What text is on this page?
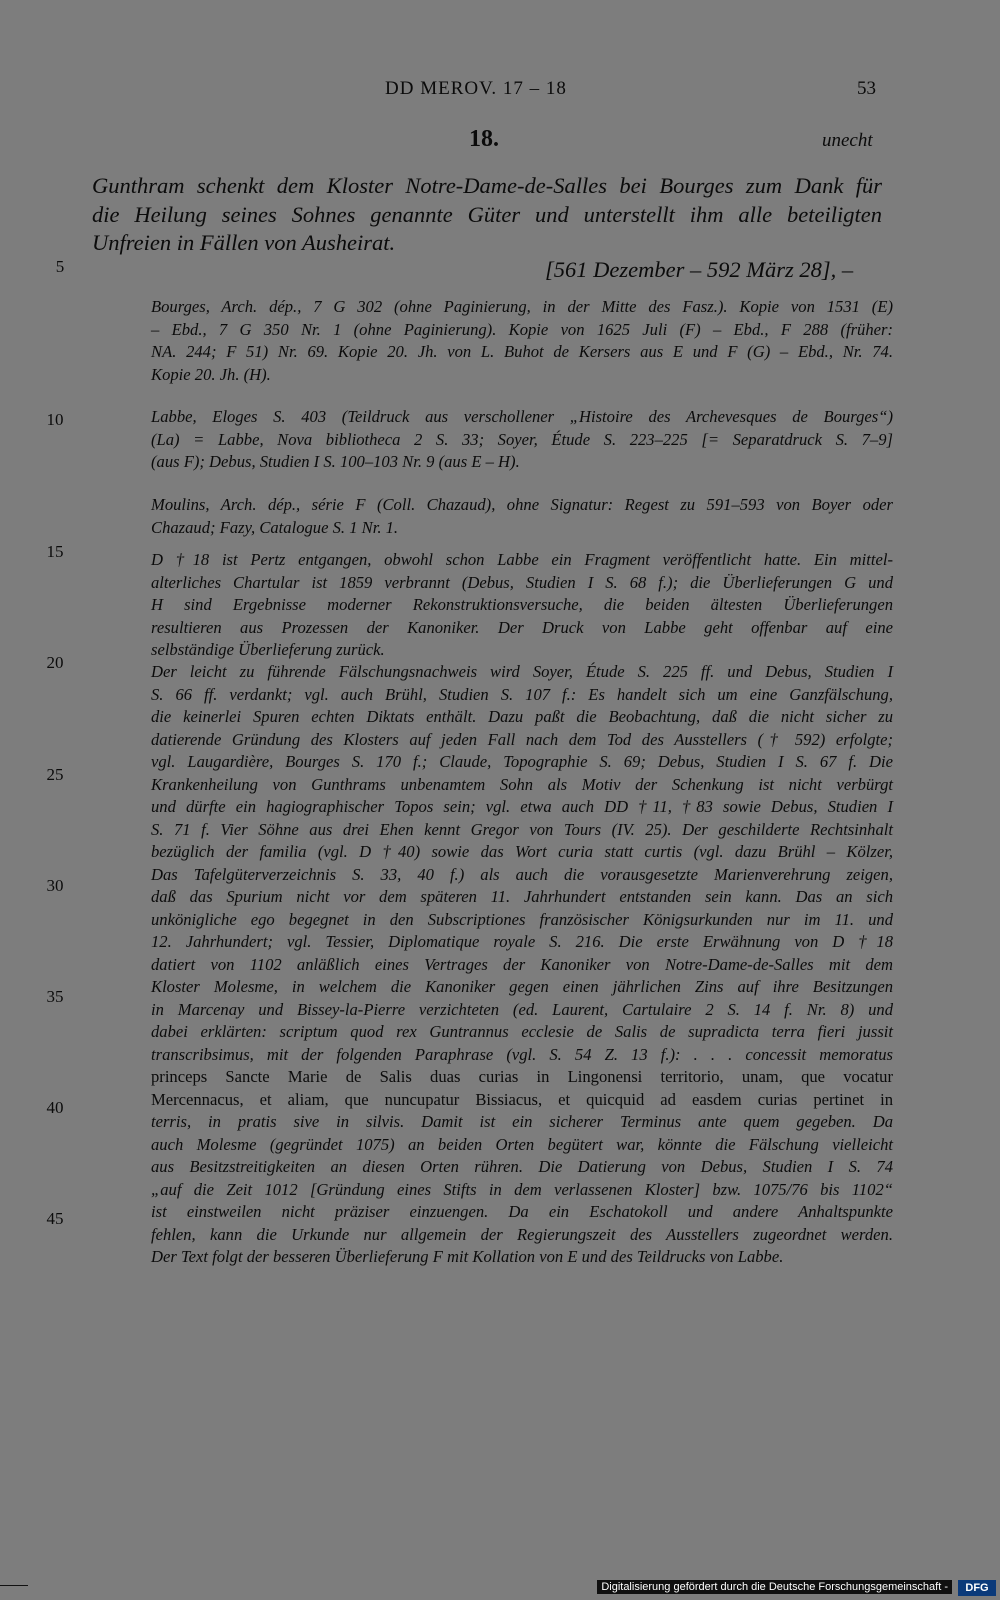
DD MEROV. 17 – 18	53
18.	unecht
Gunthram schenkt dem Kloster Notre-Dame-de-Salles bei Bourges zum Dank für
die Heilung seines Sohnes genannte Güter und unterstellt ihm alle beteiligten
Unfreien in Fällen von Ausheirat.
[561 Dezember – 592 März 28], –
5
10
15
20
25
30
35
40
45
Bourges, Arch. dép., 7 G 302 (ohne Paginierung, in der Mitte des Fasz.). Kopie von 1531 (E)
– Ebd., 7 G 350 Nr. 1 (ohne Paginierung). Kopie von 1625 Juli (F) – Ebd., F 288 (früher:
NA. 244; F 51) Nr. 69. Kopie 20. Jh. von L. Buhot de Kersers aus E und F (G) – Ebd., Nr. 74.
Kopie 20. Jh. (H).
Labbe, Eloges S. 403 (Teildruck aus verschollener „Histoire des Archevesques de Bourges“)
(La) = Labbe, Nova bibliotheca 2 S. 33; Soyer, Étude S. 223–225 [= Separatdruck S. 7–9]
(aus F); Debus, Studien I S. 100–103 Nr. 9 (aus E – H).
Moulins, Arch. dép., série F (Coll. Chazaud), ohne Signatur: Regest zu 591–593 von Boyer oder
Chazaud; Fazy, Catalogue S. 1 Nr. 1.
D †18 ist Pertz entgangen, obwohl schon Labbe ein Fragment veröffentlicht hatte. Ein mittel-
alterliches Chartular ist 1859 verbrannt (Debus, Studien I S. 68 f.); die Überlieferungen G und
H sind Ergebnisse moderner Rekonstruktionsversuche, die beiden ältesten Überlieferungen
resultieren aus Prozessen der Kanoniker. Der Druck von Labbe geht offenbar auf eine
selbständige Überlieferung zurück.
Der leicht zu führende Fälschungsnachweis wird Soyer, Étude S. 225 ff. und Debus, Studien I
S. 66 ff. verdankt; vgl. auch Brühl, Studien S. 107 f.: Es handelt sich um eine Ganzfälschung,
die keinerlei Spuren echten Diktats enthält. Dazu paßt die Beobachtung, daß die nicht sicher zu
datierende Gründung des Klosters auf jeden Fall nach dem Tod des Ausstellers († 592) erfolgte;
vgl. Laugardière, Bourges S. 170 f.; Claude, Topographie S. 69; Debus, Studien I S. 67 f. Die
Krankenheilung von Gunthrams unbenamtem Sohn als Motiv der Schenkung ist nicht verbürgt
und dürfte ein hagiographischer Topos sein; vgl. etwa auch DD †11, †83 sowie Debus, Studien I
S. 71 f. Vier Söhne aus drei Ehen kennt Gregor von Tours (IV. 25). Der geschilderte Rechtsinhalt
bezüglich der familia (vgl. D †40) sowie das Wort curia statt curtis (vgl. dazu Brühl – Kölzer,
Das Tafelgüterverzeichnis S. 33, 40 f.) als auch die vorausgesetzte Marienverehrung zeigen,
daß das Spurium nicht vor dem späteren 11. Jahrhundert entstanden sein kann. Das an sich
unkönigliche ego begegnet in den Subscriptiones französischer Königsurkunden nur im 11. und
12. Jahrhundert; vgl. Tessier, Diplomatique royale S. 216. Die erste Erwähnung von D †18
datiert von 1102 anläßlich eines Vertrages der Kanoniker von Notre-Dame-de-Salles mit dem
Kloster Molesme, in welchem die Kanoniker gegen einen jährlichen Zins auf ihre Besitzungen
in Marcenay und Bissey-la-Pierre verzichteten (ed. Laurent, Cartulaire 2 S. 14 f. Nr. 8) und
dabei erklärten: scriptum quod rex Guntrannus ecclesie de Salis de supradicta terra fieri jussit
transcribsimus, mit der folgenden Paraphrase (vgl. S. 54 Z. 13 f.): . . . concessit memoratus
princeps Sancte Marie de Salis duas curias in Lingonensi territorio, unam, que vocatur
Mercennacus, et aliam, que nuncupatur Bissiacus, et quicquid ad easdem curias pertinet in
terris, in pratis sive in silvis. Damit ist ein sicherer Terminus ante quem gegeben. Da
auch Molesme (gegründet 1075) an beiden Orten begütert war, könnte die Fälschung vielleicht
aus Besitzstreitigkeiten an diesen Orten rühren. Die Datierung von Debus, Studien I S. 74
„auf die Zeit 1012 [Gründung eines Stifts in dem verlassenen Kloster] bzw. 1075/76 bis 1102“
ist einstweilen nicht präziser einzuengen. Da ein Eschatokoll und andere Anhaltspunkte
fehlen, kann die Urkunde nur allgemein der Regierungszeit des Ausstellers zugeordnet werden.
Der Text folgt der besseren Überlieferung F mit Kollation von E und des Teildrucks von Labbe.
Digitalisierung gefördert durch die Deutsche Forschungsgemeinschaft -	DFG
